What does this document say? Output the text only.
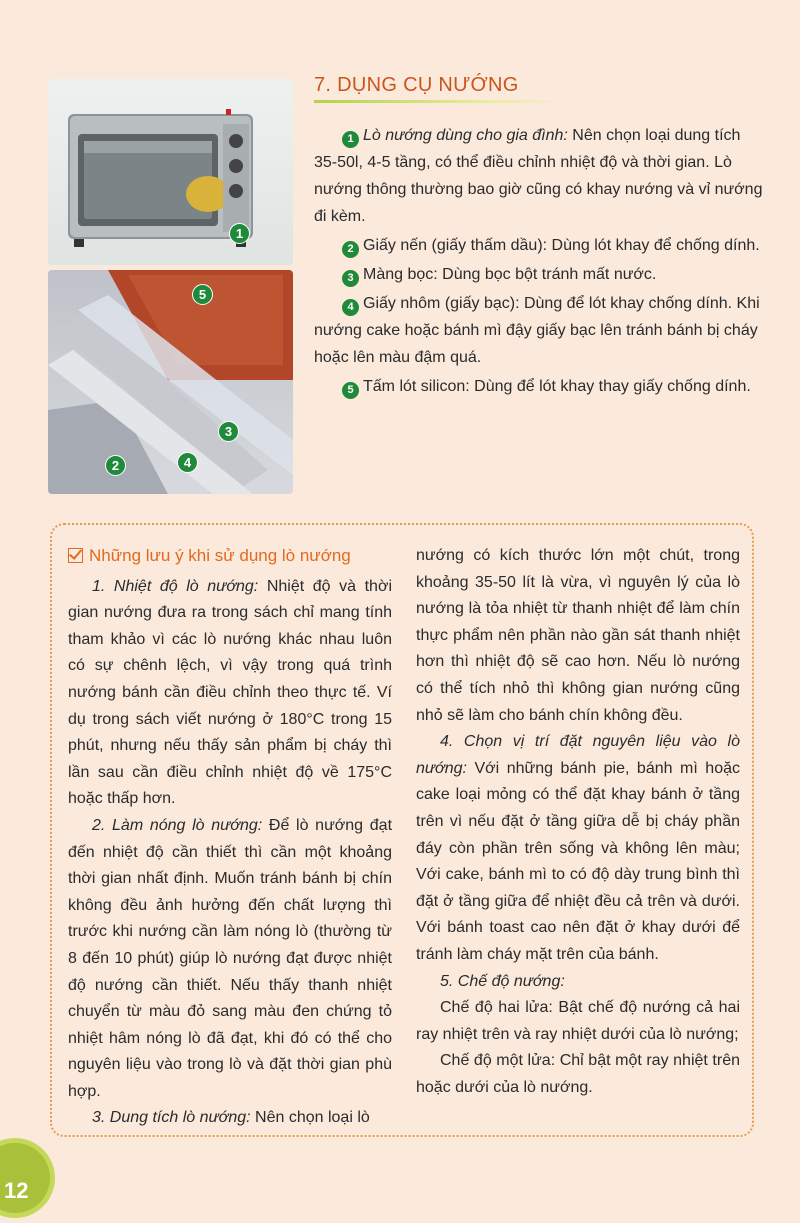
1
5
3
4
2
7. DỤNG CỤ NƯỚNG

1 Lò nướng dùng cho gia đình: Nên chọn loại dung tích 35-50l, 4-5 tầng, có thể điều chỉnh nhiệt độ và thời gian. Lò nướng thông thường bao giờ cũng có khay nướng và vỉ nướng đi kèm.

2 Giấy nến (giấy thấm dầu): Dùng lót khay để chống dính.

3 Màng bọc: Dùng bọc bột tránh mất nước.

4 Giấy nhôm (giấy bạc): Dùng để lót khay chống dính. Khi nướng cake hoặc bánh mì đậy giấy bạc lên tránh bánh bị cháy hoặc lên màu đậm quá.

5 Tấm lót silicon: Dùng để lót khay thay giấy chống dính.

Những lưu ý khi sử dụng lò nướng

1. Nhiệt độ lò nướng: Nhiệt độ và thời gian nướng đưa ra trong sách chỉ mang tính tham khảo vì các lò nướng khác nhau luôn có sự chênh lệch, vì vậy trong quá trình nướng bánh cần điều chỉnh theo thực tế. Ví dụ trong sách viết nướng ở 180°C trong 15 phút, nhưng nếu thấy sản phẩm bị cháy thì lần sau cần điều chỉnh nhiệt độ về 175°C hoặc thấp hơn.

2. Làm nóng lò nướng: Để lò nướng đạt đến nhiệt độ cần thiết thì cần một khoảng thời gian nhất định. Muốn tránh bánh bị chín không đều ảnh hưởng đến chất lượng thì trước khi nướng cần làm nóng lò (thường từ 8 đến 10 phút) giúp lò nướng đạt được nhiệt độ nướng cần thiết. Nếu thấy thanh nhiệt chuyển từ màu đỏ sang màu đen chứng tỏ nhiệt hâm nóng lò đã đạt, khi đó có thể cho nguyên liệu vào trong lò và đặt thời gian phù hợp.

3. Dung tích lò nướng: Nên chọn loại lò

nướng có kích thước lớn một chút, trong khoảng 35-50 lít là vừa, vì nguyên lý của lò nướng là tỏa nhiệt từ thanh nhiệt để làm chín thực phẩm nên phần nào gần sát thanh nhiệt hơn thì nhiệt độ sẽ cao hơn. Nếu lò nướng có thể tích nhỏ thì không gian nướng cũng nhỏ sẽ làm cho bánh chín không đều.

4. Chọn vị trí đặt nguyên liệu vào lò nướng: Với những bánh pie, bánh mì hoặc cake loại mỏng có thể đặt khay bánh ở tầng trên vì nếu đặt ở tầng giữa dễ bị cháy phần đáy còn phần trên sống và không lên màu; Với cake, bánh mì to có độ dày trung bình thì đặt ở tầng giữa để nhiệt đều cả trên và dưới. Với bánh toast cao nên đặt ở khay dưới để tránh làm cháy mặt trên của bánh.

5. Chế độ nướng:

Chế độ hai lửa: Bật chế độ nướng cả hai ray nhiệt trên và ray nhiệt dưới của lò nướng;

Chế độ một lửa: Chỉ bật một ray nhiệt trên hoặc dưới của lò nướng.

12
